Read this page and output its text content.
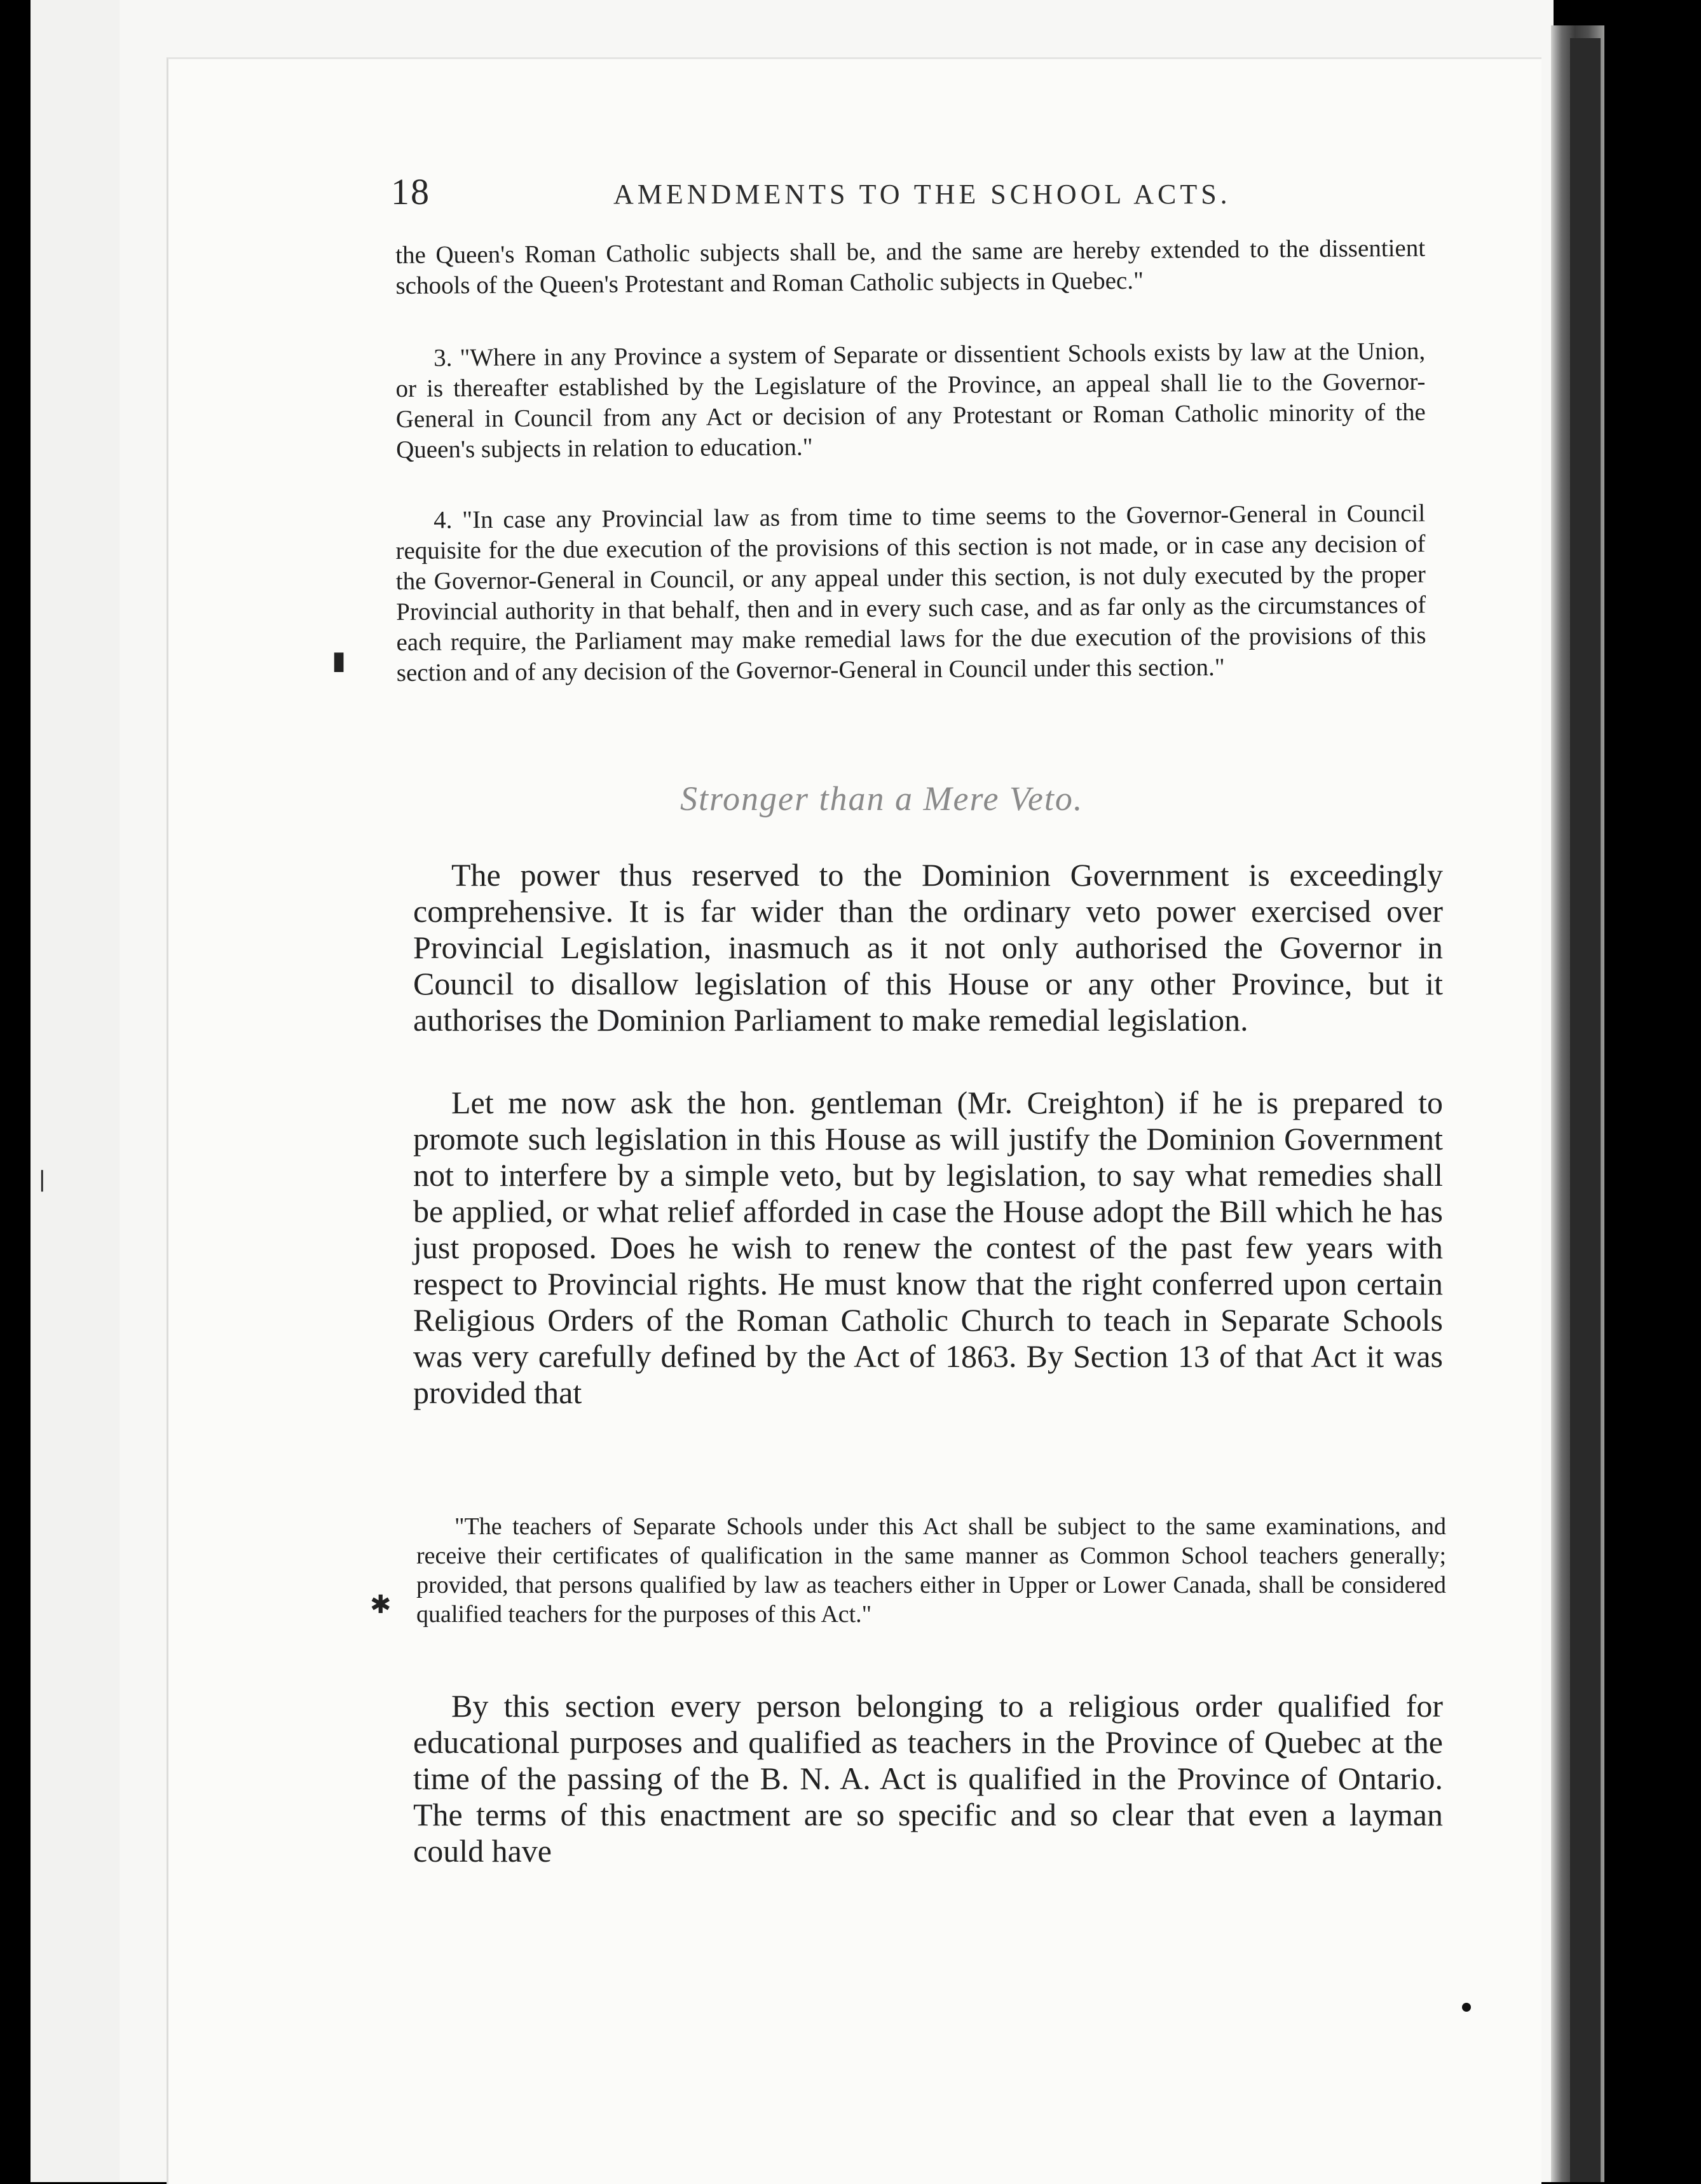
18	AMENDMENTS TO THE SCHOOL ACTS.

the Queen's Roman Catholic subjects shall be, and the same are hereby extended to the dissentient schools of the Queen's Protestant and Roman Catholic subjects in Quebec."

3. "Where in any Province a system of Separate or dissentient Schools exists by law at the Union, or is thereafter established by the Legislature of the Province, an appeal shall lie to the Governor-General in Council from any Act or decision of any Protestant or Roman Catholic minority of the Queen's subjects in relation to education."

4. "In case any Provincial law as from time to time seems to the Governor-General in Council requisite for the due execution of the provisions of this section is not made, or in case any decision of the Governor-General in Council, or any appeal under this section, is not duly executed by the proper Provincial authority in that behalf, then and in every such case, and as far only as the circumstances of each require, the Parliament may make remedial laws for the due execution of the provisions of this section and of any decision of the Governor-General in Council under this section."

Stronger than a Mere Veto.

The power thus reserved to the Dominion Government is exceedingly comprehensive. It is far wider than the ordinary veto power exercised over Provincial Legislation, inasmuch as it not only authorised the Governor in Council to disallow legislation of this House or any other Province, but it authorises the Dominion Parliament to make remedial legislation.

Let me now ask the hon. gentleman (Mr. Creighton) if he is prepared to promote such legislation in this House as will justify the Dominion Government not to interfere by a simple veto, but by legislation, to say what remedies shall be applied, or what relief afforded in case the House adopt the Bill which he has just proposed. Does he wish to renew the contest of the past few years with respect to Provincial rights. He must know that the right conferred upon certain Religious Orders of the Roman Catholic Church to teach in Separate Schools was very carefully defined by the Act of 1863. By Section 13 of that Act it was provided that

"The teachers of Separate Schools under this Act shall be subject to the same examinations, and receive their certificates of qualification in the same manner as Common School teachers generally; provided, that persons qualified by law as teachers either in Upper or Lower Canada, shall be considered qualified teachers for the purposes of this Act."

By this section every person belonging to a religious order qualified for educational purposes and qualified as teachers in the Province of Quebec at the time of the passing of the B. N. A. Act is qualified in the Province of Ontario. The terms of this enactment are so specific and so clear that even a layman could have

▮
❘
✱
